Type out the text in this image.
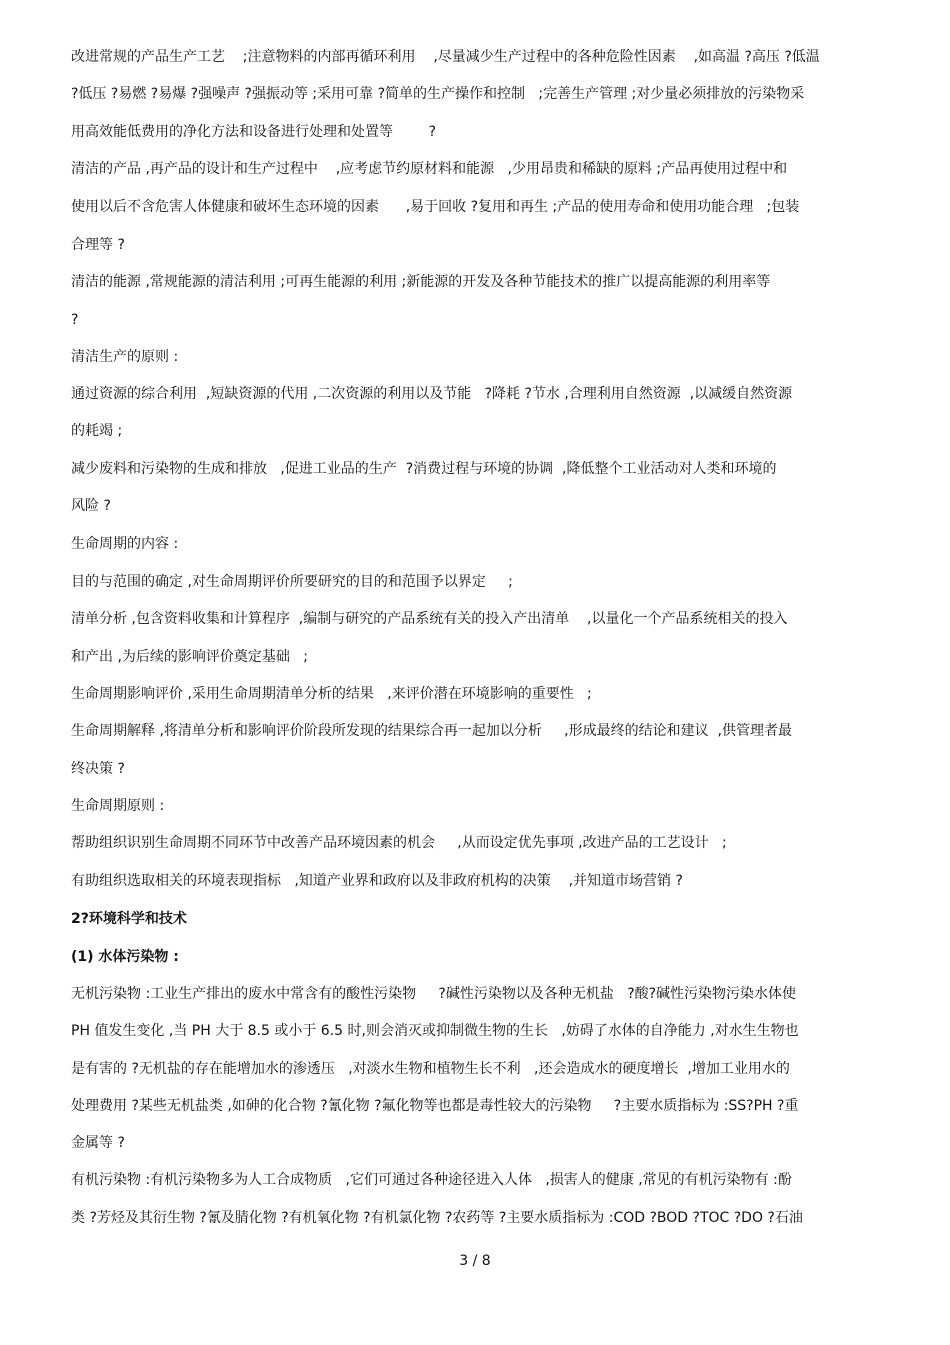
改进常规的产品生产工艺    ;注意物料的内部再循环利用    ,尽量减少生产过程中的各种危险性因素    ,如高温 ?高压 ?低温
?低压 ?易燃 ?易爆 ?强噪声 ?强振动等 ;采用可靠 ?简单的生产操作和控制   ;完善生产管理 ;对少量必须排放的污染物采
用高效能低费用的净化方法和设备进行处理和处置等        ?
清洁的产品 ,再产品的设计和生产过程中    ,应考虑节约原材料和能源   ,少用昂贵和稀缺的原料 ;产品再使用过程中和
使用以后不含危害人体健康和破坏生态环境的因素      ,易于回收 ?复用和再生 ;产品的使用寿命和使用功能合理   ;包装
合理等 ?
清洁的能源 ,常规能源的清洁利用 ;可再生能源的利用 ;新能源的开发及各种节能技术的推广以提高能源的利用率等
?
清洁生产的原则 :
通过资源的综合利用  ,短缺资源的代用 ,二次资源的利用以及节能   ?降耗 ?节水 ,合理利用自然资源  ,以减缓自然资源
的耗竭 ;
减少废料和污染物的生成和排放   ,促进工业品的生产  ?消费过程与环境的协调  ,降低整个工业活动对人类和环境的
风险 ?
生命周期的内容 :
目的与范围的确定 ,对生命周期评价所要研究的目的和范围予以界定     ;
清单分析 ,包含资料收集和计算程序  ,编制与研究的产品系统有关的投入产出清单    ,以量化一个产品系统相关的投入
和产出 ,为后续的影响评价奠定基础   ;
生命周期影响评价 ,采用生命周期清单分析的结果   ,来评价潜在环境影响的重要性   ;
生命周期解释 ,将清单分析和影响评价阶段所发现的结果综合再一起加以分析     ,形成最终的结论和建议  ,供管理者最
终决策 ?
生命周期原则 :
帮助组织识别生命周期不同环节中改善产品环境因素的机会     ,从而设定优先事项 ,改进产品的工艺设计   ;
有助组织选取相关的环境表现指标   ,知道产业界和政府以及非政府机构的决策    ,并知道市场营销 ?
2?环境科学和技术
(1) 水体污染物 :
无机污染物 :工业生产排出的废水中常含有的酸性污染物     ?碱性污染物以及各种无机盐   ?酸?碱性污染物污染水体使
PH 值发生变化 ,当 PH 大于 8.5 或小于 6.5 时,则会消灭或抑制微生物的生长   ,妨碍了水体的自净能力 ,对水生生物也
是有害的 ?无机盐的存在能增加水的渗透压   ,对淡水生物和植物生长不利   ,还会造成水的硬度增长  ,增加工业用水的
处理费用 ?某些无机盐类 ,如砷的化合物 ?氰化物 ?氟化物等也都是毒性较大的污染物     ?主要水质指标为 :SS?PH ?重
金属等 ?
有机污染物 :有机污染物多为人工合成物质   ,它们可通过各种途径进入人体   ,损害人的健康 ,常见的有机污染物有 :酚
类 ?芳烃及其衍生物 ?氰及腈化物 ?有机氧化物 ?有机氯化物 ?农药等 ?主要水质指标为 :COD ?BOD ?TOC ?DO ?石油
3 / 8
